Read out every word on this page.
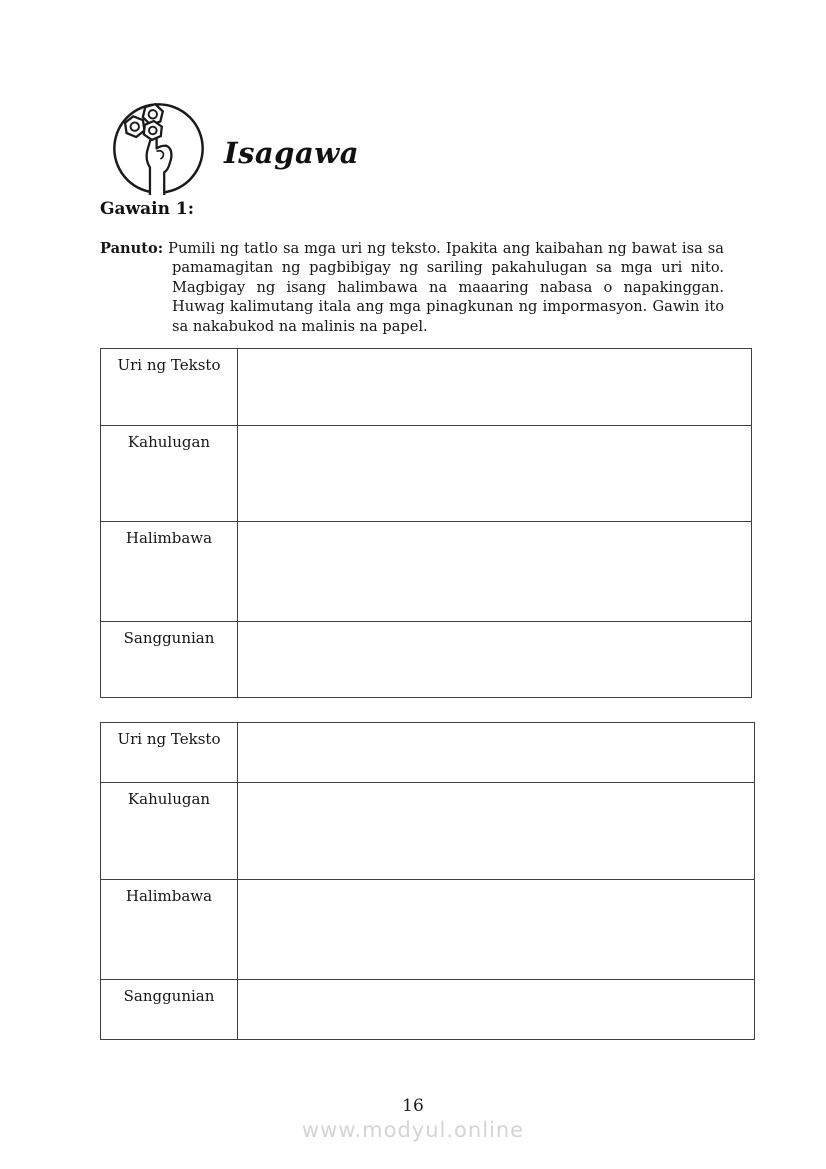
Isagawa
Gawain 1:
Panuto: Pumili ng tatlo sa mga uri ng teksto. Ipakita ang kaibahan ng bawat isa sa pamamagitan ng pagbibigay ng sariling pakahulugan sa mga uri nito. Magbigay ng isang halimbawa na maaaring nabasa o napakinggan. Huwag kalimutang itala ang mga pinagkunan ng impormasyon. Gawin ito sa nakabukod na malinis na papel.
Uri ng Teksto	
Kahulugan	
Halimbawa	
Sanggunian	
Uri ng Teksto	
Kahulugan	
Halimbawa	
Sanggunian	
16
www.modyul.online
